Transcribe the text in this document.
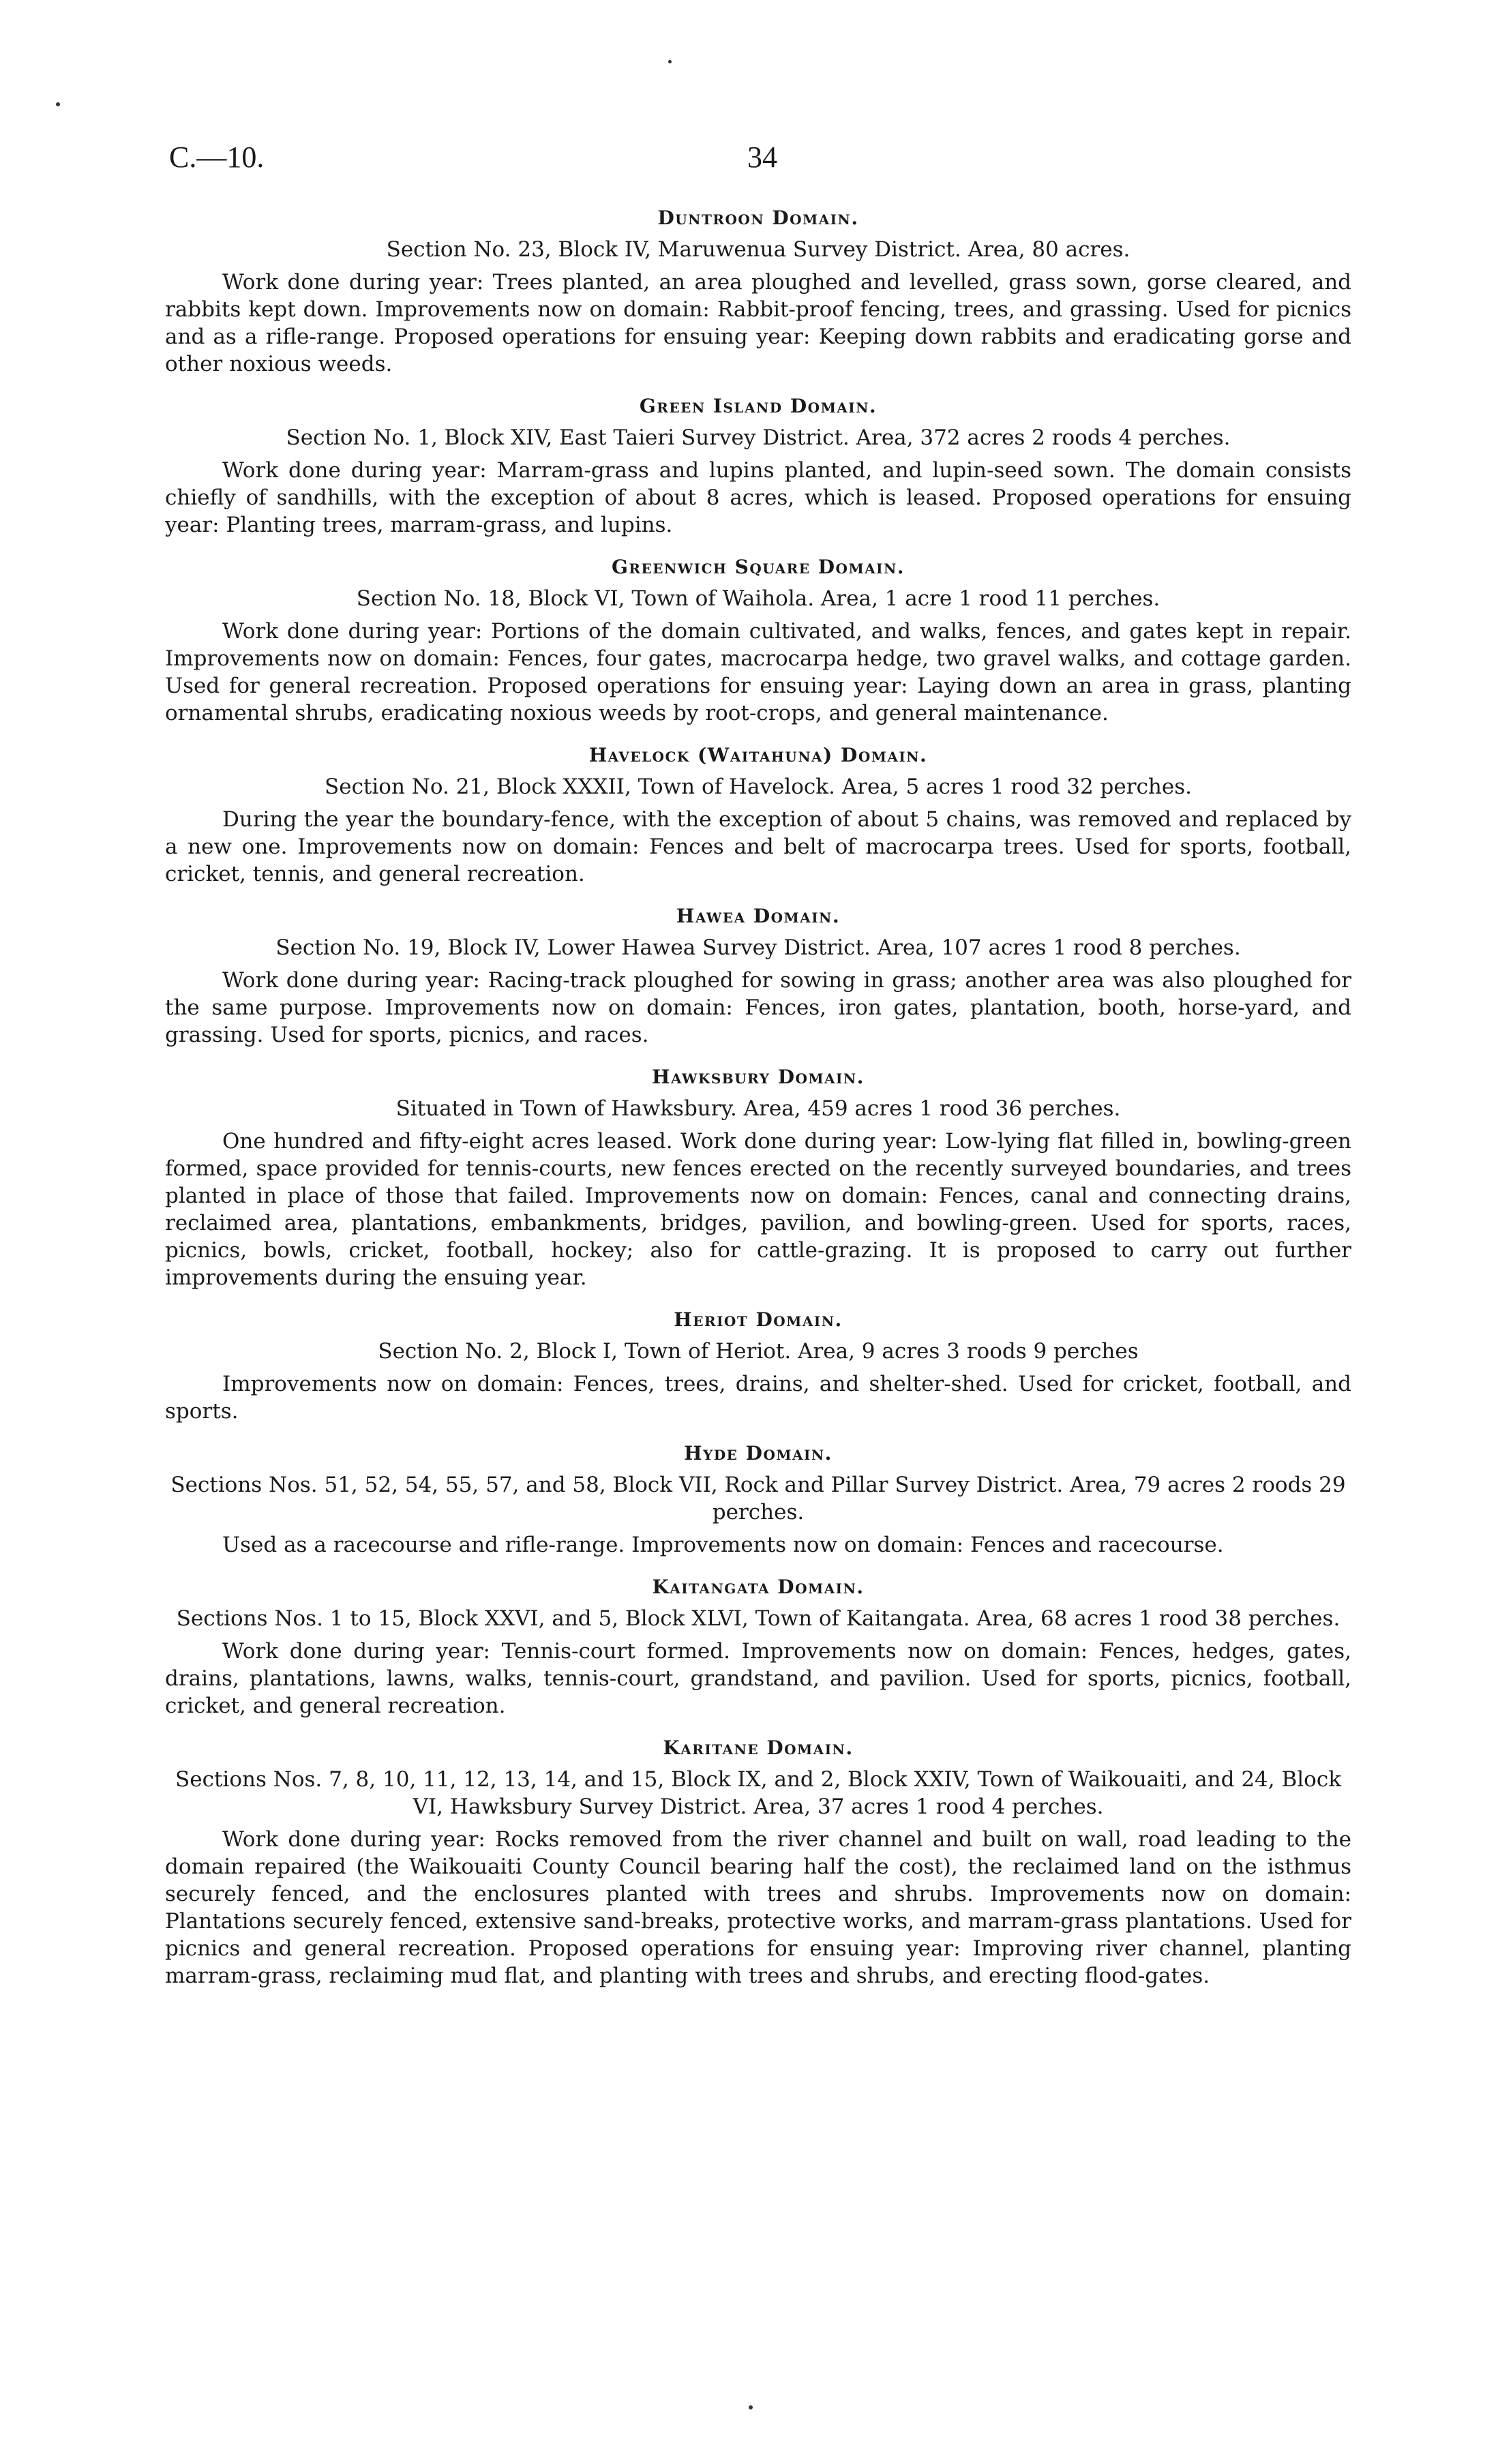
C.—10.	34
Duntroon Domain.
Section No. 23, Block IV, Maruwenua Survey District. Area, 80 acres.

Work done during year: Trees planted, an area ploughed and levelled, grass sown, gorse cleared, and rabbits kept down. Improvements now on domain: Rabbit-proof fencing, trees, and grassing. Used for picnics and as a rifle-range. Proposed operations for ensuing year: Keeping down rabbits and eradicating gorse and other noxious weeds.

Green Island Domain.
Section No. 1, Block XIV, East Taieri Survey District. Area, 372 acres 2 roods 4 perches.

Work done during year: Marram-grass and lupins planted, and lupin-seed sown. The domain consists chiefly of sandhills, with the exception of about 8 acres, which is leased. Proposed operations for ensuing year: Planting trees, marram-grass, and lupins.

Greenwich Square Domain.
Section No. 18, Block VI, Town of Waihola. Area, 1 acre 1 rood 11 perches.

Work done during year: Portions of the domain cultivated, and walks, fences, and gates kept in repair. Improvements now on domain: Fences, four gates, macrocarpa hedge, two gravel walks, and cottage garden. Used for general recreation. Proposed operations for ensuing year: Laying down an area in grass, planting ornamental shrubs, eradicating noxious weeds by root-crops, and general maintenance.

Havelock (Waitahuna) Domain.
Section No. 21, Block XXXII, Town of Havelock. Area, 5 acres 1 rood 32 perches.

During the year the boundary-fence, with the exception of about 5 chains, was removed and replaced by a new one. Improvements now on domain: Fences and belt of macrocarpa trees. Used for sports, football, cricket, tennis, and general recreation.

Hawea Domain.
Section No. 19, Block IV, Lower Hawea Survey District. Area, 107 acres 1 rood 8 perches.

Work done during year: Racing-track ploughed for sowing in grass; another area was also ploughed for the same purpose. Improvements now on domain: Fences, iron gates, plantation, booth, horse-yard, and grassing. Used for sports, picnics, and races.

Hawksbury Domain.
Situated in Town of Hawksbury. Area, 459 acres 1 rood 36 perches.

One hundred and fifty-eight acres leased. Work done during year: Low-lying flat filled in, bowling-green formed, space provided for tennis-courts, new fences erected on the recently surveyed boundaries, and trees planted in place of those that failed. Improvements now on domain: Fences, canal and connecting drains, reclaimed area, plantations, embankments, bridges, pavilion, and bowling-green. Used for sports, races, picnics, bowls, cricket, football, hockey; also for cattle-grazing. It is proposed to carry out further improvements during the ensuing year.

Heriot Domain.
Section No. 2, Block I, Town of Heriot. Area, 9 acres 3 roods 9 perches

Improvements now on domain: Fences, trees, drains, and shelter-shed. Used for cricket, football, and sports.

Hyde Domain.
Sections Nos. 51, 52, 54, 55, 57, and 58, Block VII, Rock and Pillar Survey District. Area, 79 acres 2 roods 29 perches.

Used as a racecourse and rifle-range. Improvements now on domain: Fences and racecourse.

Kaitangata Domain.
Sections Nos. 1 to 15, Block XXVI, and 5, Block XLVI, Town of Kaitangata. Area, 68 acres 1 rood 38 perches.

Work done during year: Tennis-court formed. Improvements now on domain: Fences, hedges, gates, drains, plantations, lawns, walks, tennis-court, grandstand, and pavilion. Used for sports, picnics, football, cricket, and general recreation.

Karitane Domain.
Sections Nos. 7, 8, 10, 11, 12, 13, 14, and 15, Block IX, and 2, Block XXIV, Town of Waikouaiti, and 24, Block VI, Hawksbury Survey District. Area, 37 acres 1 rood 4 perches.

Work done during year: Rocks removed from the river channel and built on wall, road leading to the domain repaired (the Waikouaiti County Council bearing half the cost), the reclaimed land on the isthmus securely fenced, and the enclosures planted with trees and shrubs. Improvements now on domain: Plantations securely fenced, extensive sand-breaks, protective works, and marram-grass plantations. Used for picnics and general recreation. Proposed operations for ensuing year: Improving river channel, planting marram-grass, reclaiming mud flat, and planting with trees and shrubs, and erecting flood-gates.
